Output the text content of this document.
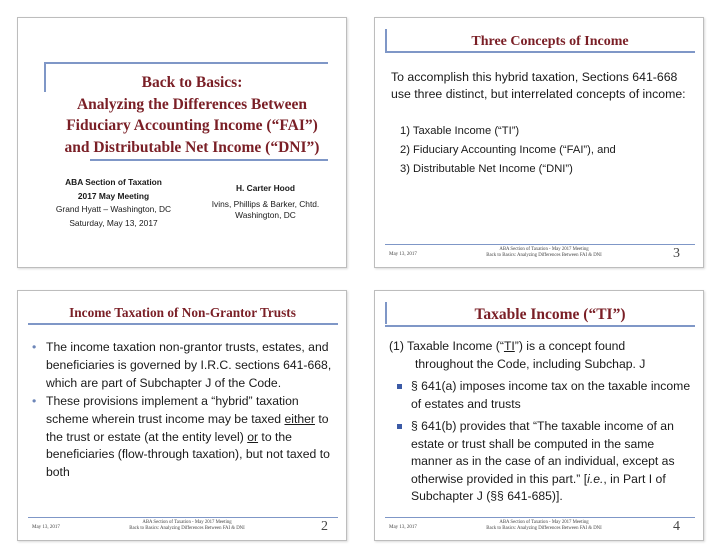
Back to Basics:
Analyzing the Differences Between
Fiduciary Accounting Income (“FAI”)
and Distributable Net Income (“DNI”)
ABA Section of Taxation
2017 May Meeting
Grand Hyatt – Washington, DC
Saturday, May 13, 2017
H. Carter Hood
Ivins, Phillips & Barker, Chtd.
Washington, DC
Three Concepts of Income
To accomplish this hybrid taxation, Sections 641-668 use three distinct, but interrelated concepts of income:
1) Taxable Income (“TI”)
2) Fiduciary Accounting Income (“FAI”), and
3) Distributable Net Income (“DNI”)
May 13, 2017
ABA Section of Taxation - May 2017 Meeting
Back to Basics: Analyzing Differences Between FAI & DNI	3
Income Taxation of Non-Grantor Trusts
• The income taxation non-grantor trusts, estates, and beneficiaries is governed by I.R.C. sections 641-668, which are part of Subchapter J of the Code.
• These provisions implement a “hybrid” taxation scheme wherein trust income may be taxed either to the trust or estate (at the entity level) or to the beneficiaries (flow-through taxation), but not taxed to both
May 13, 2017
ABA Section of Taxation - May 2017 Meeting
Back to Basics: Analyzing Differences Between FAI & DNI	2
Taxable Income (“TI”)
(1) Taxable Income (“TI”) is a concept found
throughout the Code, including Subchap. J
§ 641(a) imposes income tax on the taxable income of estates and trusts
§ 641(b) provides that “The taxable income of an estate or trust shall be computed in the same manner as in the case of an individual, except as otherwise provided in this part.” [i.e., in Part I of Subchapter J (§§ 641-685)].
May 13, 2017
ABA Section of Taxation - May 2017 Meeting
Back to Basics: Analyzing Differences Between FAI & DNI	4
